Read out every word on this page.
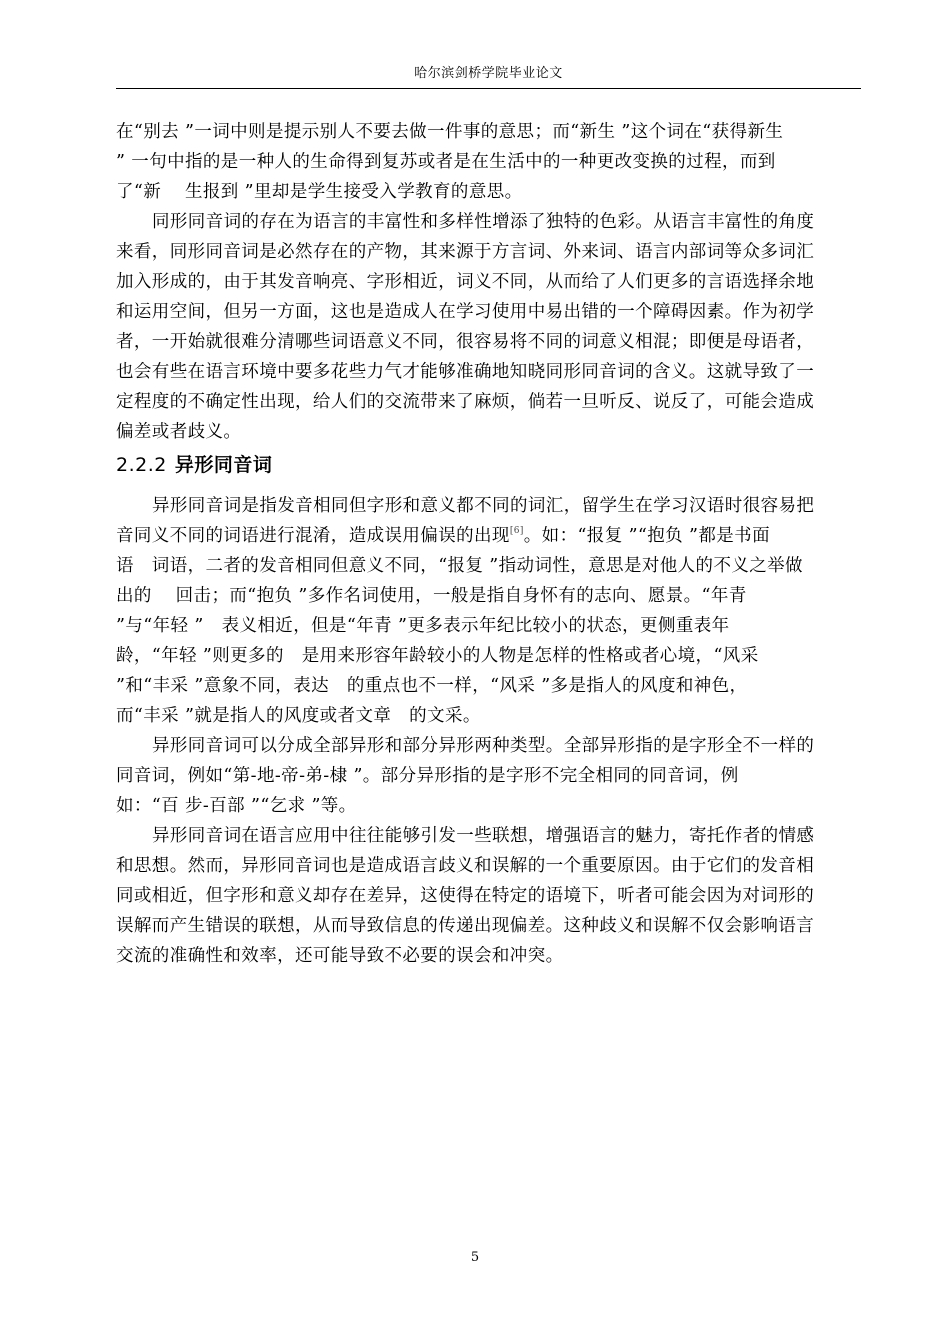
哈尔滨剑桥学院毕业论文
在“别去 ”一词中则是提示别人不要去做一件事的意思；而“新生 ”这个词在“获得新生
” 一句中指的是一种人的生命得到复苏或者是在生活中的一种更改变换的过程，而到
了“新　 生报到 ”里却是学生接受入学教育的意思。
同形同音词的存在为语言的丰富性和多样性增添了独特的色彩。从语言丰富性的角度
来看，同形同音词是必然存在的产物，其来源于方言词、外来词、语言内部词等众多词汇
加入形成的，由于其发音响亮、字形相近，词义不同，从而给了人们更多的言语选择余地
和运用空间，但另一方面，这也是造成人在学习使用中易出错的一个障碍因素。作为初学
者，一开始就很难分清哪些词语意义不同，很容易将不同的词意义相混；即便是母语者，
也会有些在语言环境中要多花些力气才能够准确地知晓同形同音词的含义。这就导致了一
定程度的不确定性出现，给人们的交流带来了麻烦，倘若一旦听反、说反了，可能会造成
偏差或者歧义。
2.2.2 异形同音词
异形同音词是指发音相同但字形和意义都不同的词汇，留学生在学习汉语时很容易把
音同义不同的词语进行混淆，造成误用偏误的出现[6]。如：“报复 ”“抱负 ”都是书面
语　词语，二者的发音相同但意义不同，“报复 ”指动词性，意思是对他人的不义之举做
出的　 回击；而“抱负 ”多作名词使用，一般是指自身怀有的志向、愿景。“年青
”与“年轻 ”　表义相近，但是“年青 ”更多表示年纪比较小的状态，更侧重表年
龄，“年轻 ”则更多的　是用来形容年龄较小的人物是怎样的性格或者心境，“风采
”和“丰采 ”意象不同，表达　的重点也不一样，“风采 ”多是指人的风度和神色，
而“丰采 ”就是指人的风度或者文章　的文采。
异形同音词可以分成全部异形和部分异形两种类型。全部异形指的是字形全不一样的
同音词，例如“第-地-帝-弟-棣 ”。部分异形指的是字形不完全相同的同音词，例
如：“百 步-百部 ”“乞求 ”等。
异形同音词在语言应用中往往能够引发一些联想，增强语言的魅力，寄托作者的情感
和思想。然而，异形同音词也是造成语言歧义和误解的一个重要原因。由于它们的发音相
同或相近，但字形和意义却存在差异，这使得在特定的语境下，听者可能会因为对词形的
误解而产生错误的联想，从而导致信息的传递出现偏差。这种歧义和误解不仅会影响语言
交流的准确性和效率，还可能导致不必要的误会和冲突。
5
